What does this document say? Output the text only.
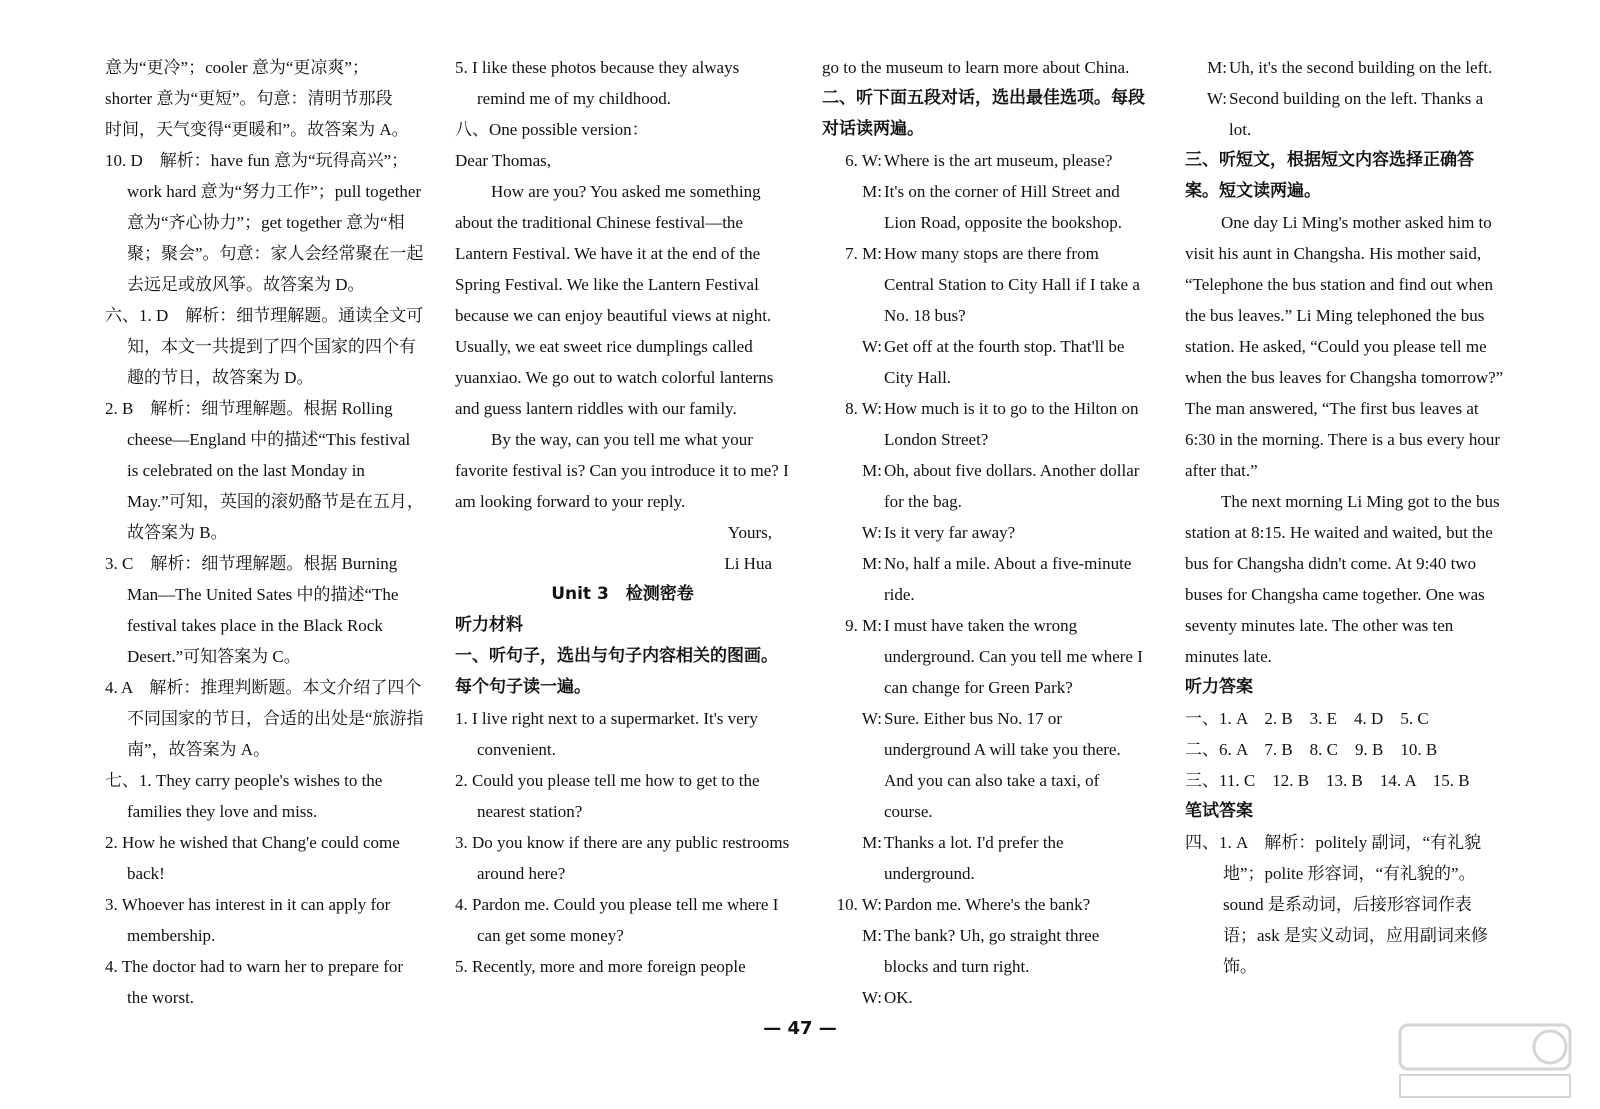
意为“更冷”；cooler 意为“更凉爽”；

shorter 意为“更短”。句意：清明节那段

时间，天气变得“更暖和”。故答案为 A。

10. D　解析：have fun 意为“玩得高兴”；work hard 意为“努力工作”；pull together 意为“齐心协力”；get together 意为“相聚；聚会”。句意：家人会经常聚在一起去远足或放风筝。故答案为 D。

六、1. D　解析：细节理解题。通读全文可知，本文一共提到了四个国家的四个有趣的节日，故答案为 D。

2. B　解析：细节理解题。根据 Rolling cheese—England 中的描述“This festival is celebrated on the last Monday in May.”可知，英国的滚奶酪节是在五月，故答案为 B。

3. C　解析：细节理解题。根据 Burning Man—The United Sates 中的描述“The festival takes place in the Black Rock Desert.”可知答案为 C。

4. A　解析：推理判断题。本文介绍了四个不同国家的节日，合适的出处是“旅游指南”，故答案为 A。

七、1. They carry people's wishes to the families they love and miss.

2. How he wished that Chang'e could come back!

3. Whoever has interest in it can apply for membership.

4. The doctor had to warn her to prepare for the worst.

5. I like these photos because they always remind me of my childhood.

八、One possible version：

Dear Thomas,

How are you? You asked me something about the traditional Chinese festival—the Lantern Festival. We have it at the end of the Spring Festival. We like the Lantern Festival because we can enjoy beautiful views at night. Usually, we eat sweet rice dumplings called yuanxiao. We go out to watch colorful lanterns and guess lantern riddles with our family.

By the way, can you tell me what your favorite festival is? Can you introduce it to me? I am looking forward to your reply.

Yours,

Li Hua

Unit 3　检测密卷

听力材料

一、听句子，选出与句子内容相关的图画。每个句子读一遍。

1. I live right next to a supermarket. It's very convenient.

2. Could you please tell me how to get to the nearest station?

3. Do you know if there are any public restrooms around here?

4. Pardon me. Could you please tell me where I can get some money?

5. Recently, more and more foreign people

go to the museum to learn more about China.

二、听下面五段对话，选出最佳选项。每段对话读两遍。

6. W: Where is the art museum, please?
M: It's on the corner of Hill Street and Lion Road, opposite the bookshop.
7. M: How many stops are there from Central Station to City Hall if I take a No. 18 bus?
W: Get off at the fourth stop. That'll be City Hall.
8. W: How much is it to go to the Hilton on London Street?
M: Oh, about five dollars. Another dollar for the bag.
W: Is it very far away?
M: No, half a mile. About a five-minute ride.
9. M: I must have taken the wrong underground. Can you tell me where I can change for Green Park?
W: Sure. Either bus No. 17 or underground A will take you there. And you can also take a taxi, of course.
M: Thanks a lot. I'd prefer the underground.
10. W: Pardon me. Where's the bank?
M: The bank? Uh, go straight three blocks and turn right.
W: OK.
M: Uh, it's the second building on the left.
W: Second building on the left. Thanks a lot.

三、听短文，根据短文内容选择正确答案。短文读两遍。

One day Li Ming's mother asked him to visit his aunt in Changsha. His mother said, “Telephone the bus station and find out when the bus leaves.” Li Ming telephoned the bus station. He asked, “Could you please tell me when the bus leaves for Changsha tomorrow?” The man answered, “The first bus leaves at 6:30 in the morning. There is a bus every hour after that.”

The next morning Li Ming got to the bus station at 8:15. He waited and waited, but the bus for Changsha didn't come. At 9:40 two buses for Changsha came together. One was seventy minutes late. The other was ten minutes late.

听力答案

一、1. A　2. B　3. E　4. D　5. C

二、6. A　7. B　8. C　9. B　10. B

三、11. C　12. B　13. B　14. A　15. B

笔试答案

四、1. A　解析：politely 副词，“有礼貌地”；polite 形容词，“有礼貌的”。sound 是系动词，后接形容词作表语；ask 是实义动词，应用副词来修饰。

— 47 —
